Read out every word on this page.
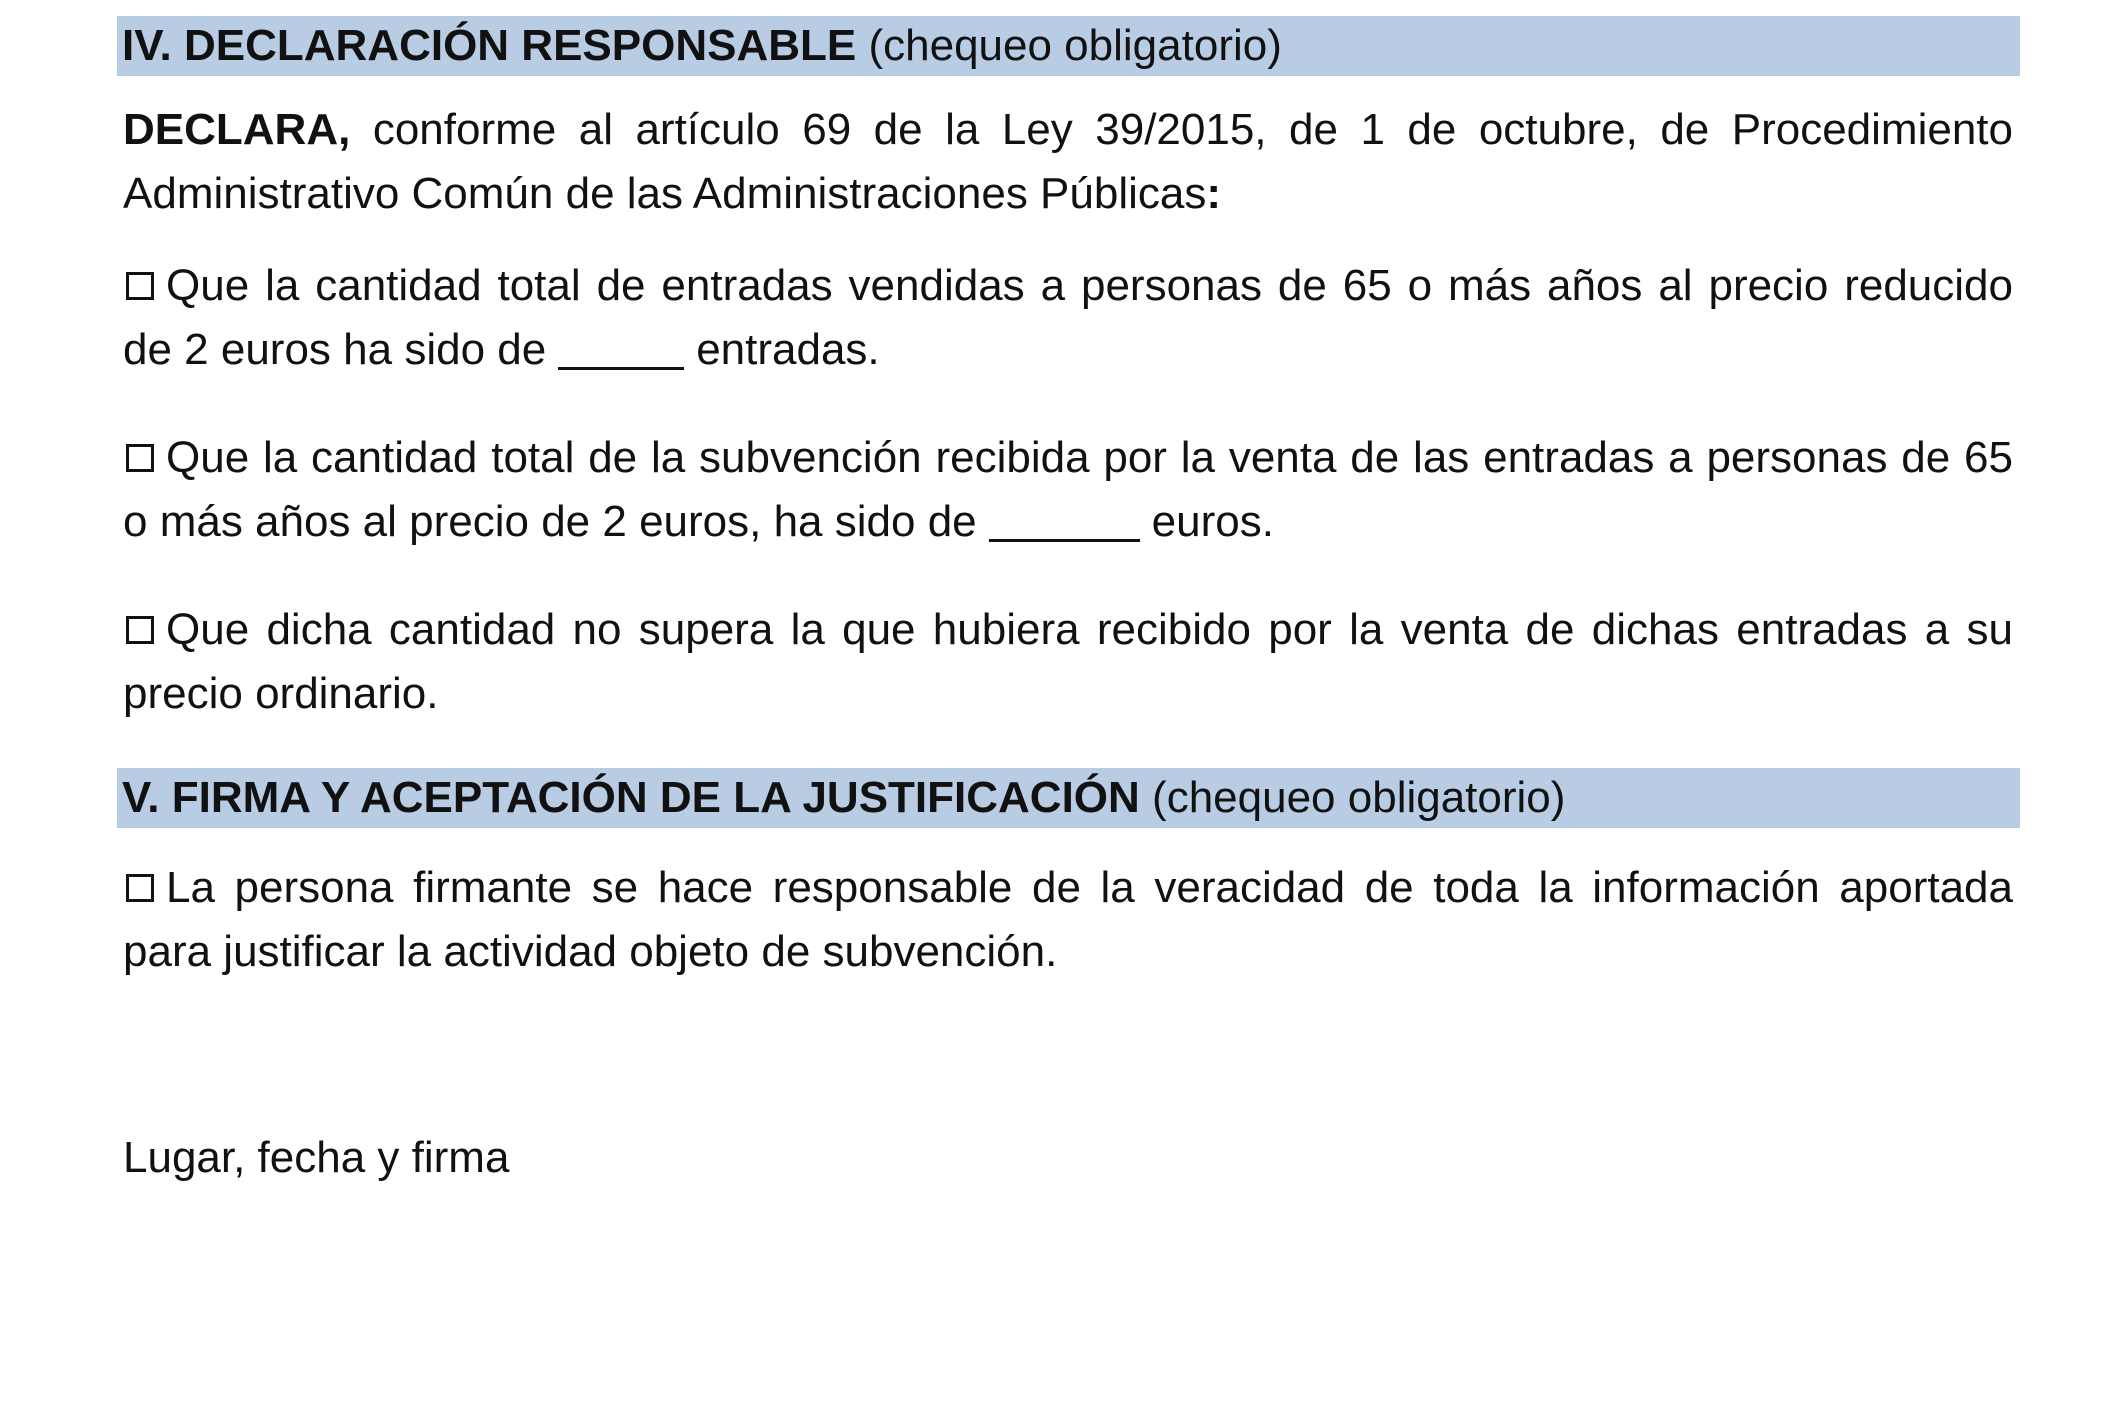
IV. DECLARACIÓN RESPONSABLE (chequeo obligatorio)

DECLARA, conforme al artículo 69 de la Ley 39/2015, de 1 de octubre, de Procedimiento Administrativo Común de las Administraciones Públicas:

Que la cantidad total de entradas vendidas a personas de 65 o más años al precio reducido de 2 euros ha sido de	entradas.

Que la cantidad total de la subvención recibida por la venta de las entradas a personas de 65 o más años al precio de 2 euros, ha sido de	euros.

Que dicha cantidad no supera la que hubiera recibido por la venta de dichas entradas a su precio ordinario.

V. FIRMA Y ACEPTACIÓN DE LA JUSTIFICACIÓN (chequeo obligatorio)

La persona firmante se hace responsable de la veracidad de toda la información aportada para justificar la actividad objeto de subvención.

Lugar, fecha y firma
